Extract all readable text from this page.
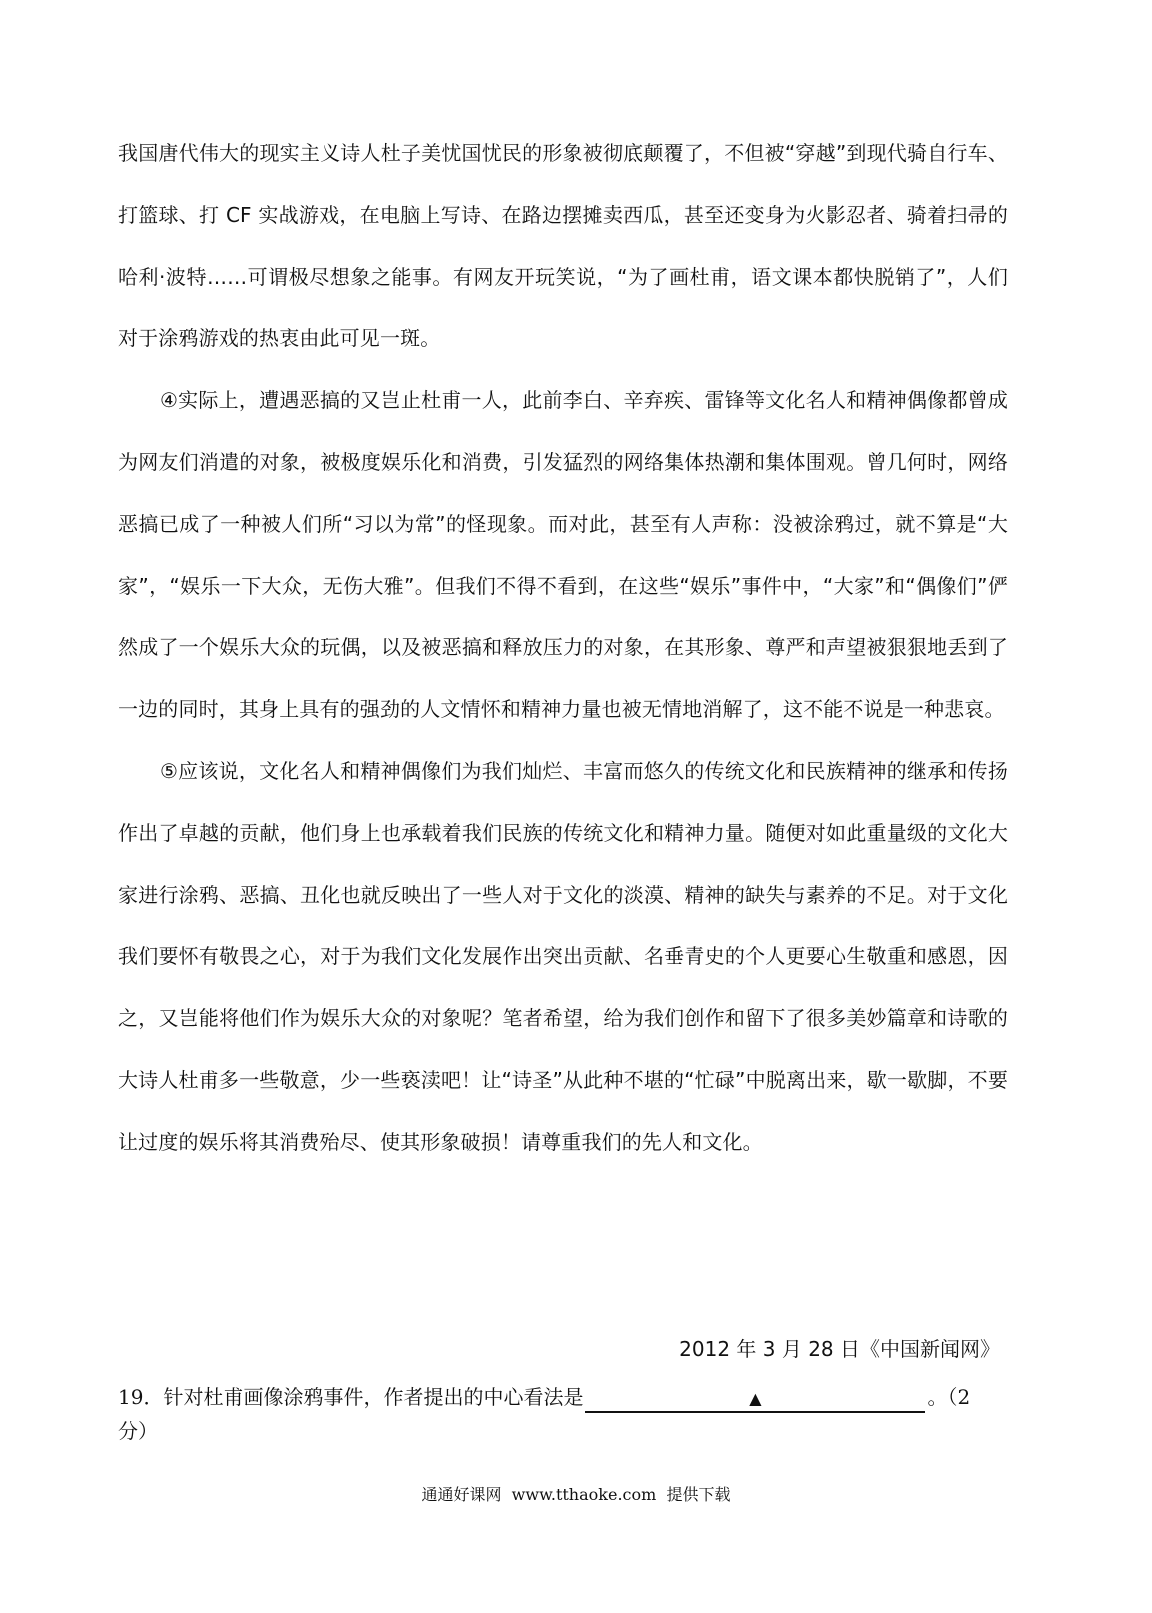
我国唐代伟大的现实主义诗人杜子美忧国忧民的形象被彻底颠覆了，不但被“穿越”到现代骑自行车、打篮球、打 CF 实战游戏，在电脑上写诗、在路边摆摊卖西瓜，甚至还变身为火影忍者、骑着扫帚的哈利·波特……可谓极尽想象之能事。有网友开玩笑说，“为了画杜甫，语文课本都快脱销了”，人们对于涂鸦游戏的热衷由此可见一斑。

④实际上，遭遇恶搞的又岂止杜甫一人，此前李白、辛弃疾、雷锋等文化名人和精神偶像都曾成为网友们消遣的对象，被极度娱乐化和消费，引发猛烈的网络集体热潮和集体围观。曾几何时，网络恶搞已成了一种被人们所“习以为常”的怪现象。而对此，甚至有人声称：没被涂鸦过，就不算是“大家”，“娱乐一下大众，无伤大雅”。但我们不得不看到，在这些“娱乐”事件中，“大家”和“偶像们”俨然成了一个娱乐大众的玩偶，以及被恶搞和释放压力的对象，在其形象、尊严和声望被狠狠地丢到了一边的同时，其身上具有的强劲的人文情怀和精神力量也被无情地消解了，这不能不说是一种悲哀。

⑤应该说，文化名人和精神偶像们为我们灿烂、丰富而悠久的传统文化和民族精神的继承和传扬作出了卓越的贡献，他们身上也承载着我们民族的传统文化和精神力量。随便对如此重量级的文化大家进行涂鸦、恶搞、丑化也就反映出了一些人对于文化的淡漠、精神的缺失与素养的不足。对于文化我们要怀有敬畏之心，对于为我们文化发展作出突出贡献、名垂青史的个人更要心生敬重和感恩，因之，又岂能将他们作为娱乐大众的对象呢？笔者希望，给为我们创作和留下了很多美妙篇章和诗歌的大诗人杜甫多一些敬意，少一些亵渎吧！让“诗圣”从此种不堪的“忙碌”中脱离出来，歇一歇脚，不要让过度的娱乐将其消费殆尽、使其形象破损！请尊重我们的先人和文化。

2012 年 3 月 28 日《中国新闻网》
19．针对杜甫画像涂鸦事件，作者提出的中心看法是	▲	。（2
分）
通通好课网  www.tthaoke.com  提供下载
